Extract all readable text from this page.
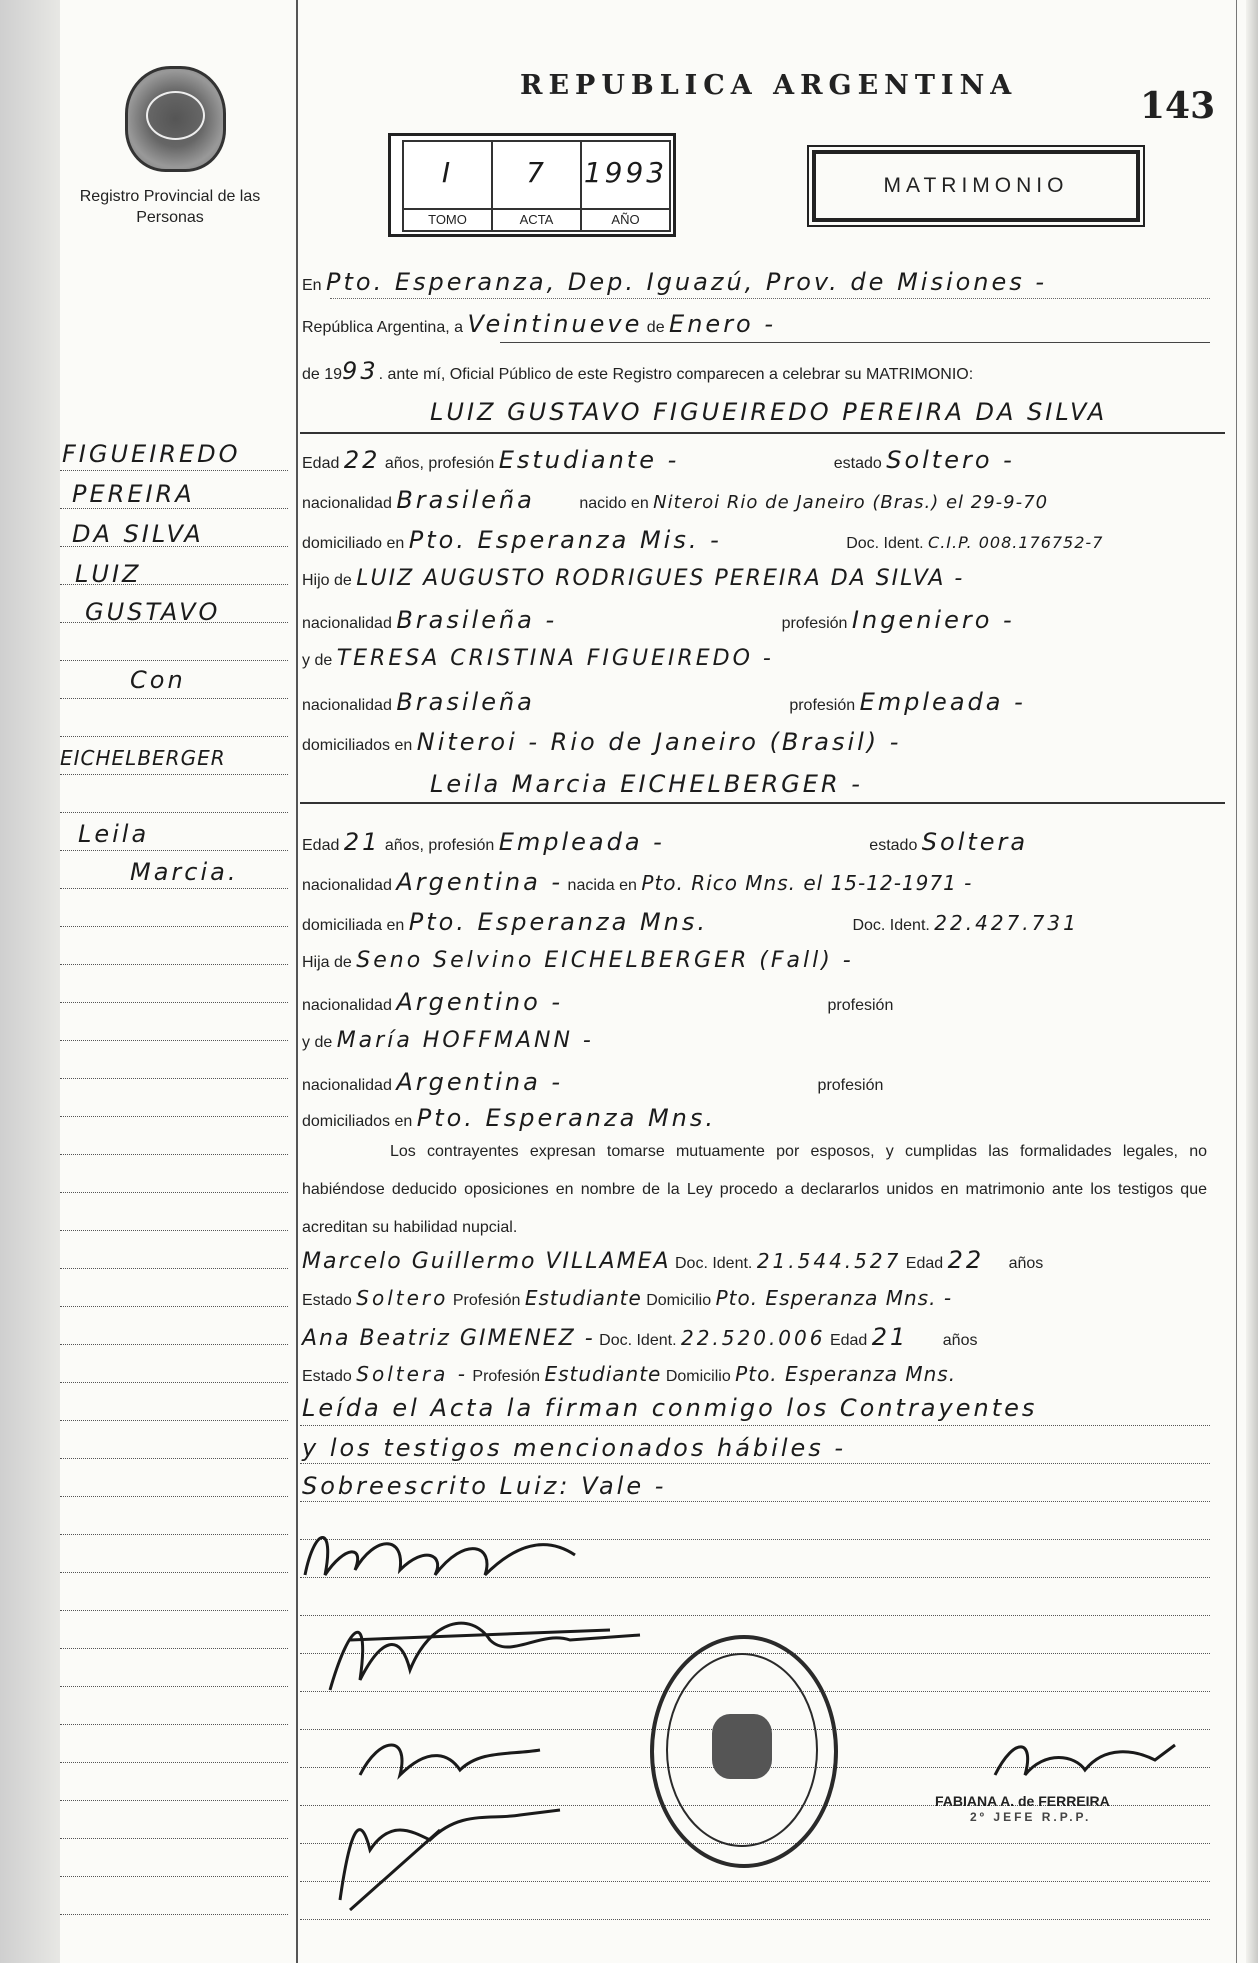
REPUBLICA ARGENTINA	143
Registro Provincial de las Personas
I
TOMO
7
ACTA
1993
AÑO
MATRIMONIO
En Pto. Esperanza, Dep. Iguazú, Prov. de Misiones -
República Argentina, a Veintinueve de Enero -
de 1993. ante mí, Oficial Público de este Registro comparecen a celebrar su MATRIMONIO:
LUIZ GUSTAVO FIGUEIREDO PEREIRA DA SILVA
Edad 22 años, profesión Estudiante -	estado Soltero -
nacionalidad Brasileña	nacido en Niteroi Rio de Janeiro (Bras.) el 29-9-70
domiciliado en Pto. Esperanza Mis. -	Doc. Ident. C.I.P. 008.176752-7
Hijo de LUIZ AUGUSTO RODRIGUES PEREIRA DA SILVA -
nacionalidad Brasileña -	profesión Ingeniero -
y de TERESA CRISTINA FIGUEIREDO -
nacionalidad Brasileña	profesión Empleada -
domiciliados en Niteroi - Rio de Janeiro (Brasil) -
Leila Marcia EICHELBERGER -
Edad 21 años, profesión Empleada -	estado Soltera
nacionalidad Argentina - nacida en Pto. Rico Mns. el 15-12-1971 -
domiciliada en Pto. Esperanza Mns.	Doc. Ident. 22.427.731
Hija de Seno Selvino EICHELBERGER (Fall) -
nacionalidad Argentino -	profesión
y de María HOFFMANN -
nacionalidad Argentina -	profesión
domiciliados en Pto. Esperanza Mns.
Los contrayentes expresan tomarse mutuamente por esposos, y cumplidas las formalidades legales, no habiéndose deducido oposiciones en nombre de la Ley procedo a declararlos unidos en matrimonio ante los testigos que acreditan su habilidad nupcial.
Marcelo Guillermo VILLAMEA Doc. Ident. 21.544.527 Edad 22 años
Estado Soltero Profesión Estudiante Domicilio Pto. Esperanza Mns. -
Ana Beatriz GIMENEZ - Doc. Ident. 22.520.006 Edad 21 años
Estado Soltera - Profesión Estudiante Domicilio Pto. Esperanza Mns.
Leída el Acta la firman conmigo los Contrayentes
y los testigos mencionados hábiles -
Sobreescrito Luiz: Vale -
FIGUEIREDO
PEREIRA
DA SILVA
LUIZ
GUSTAVO
Con
EICHELBERGER
Leila
Marcia.
FABIANA A. de FERREIRA
2º JEFE R.P.P.
